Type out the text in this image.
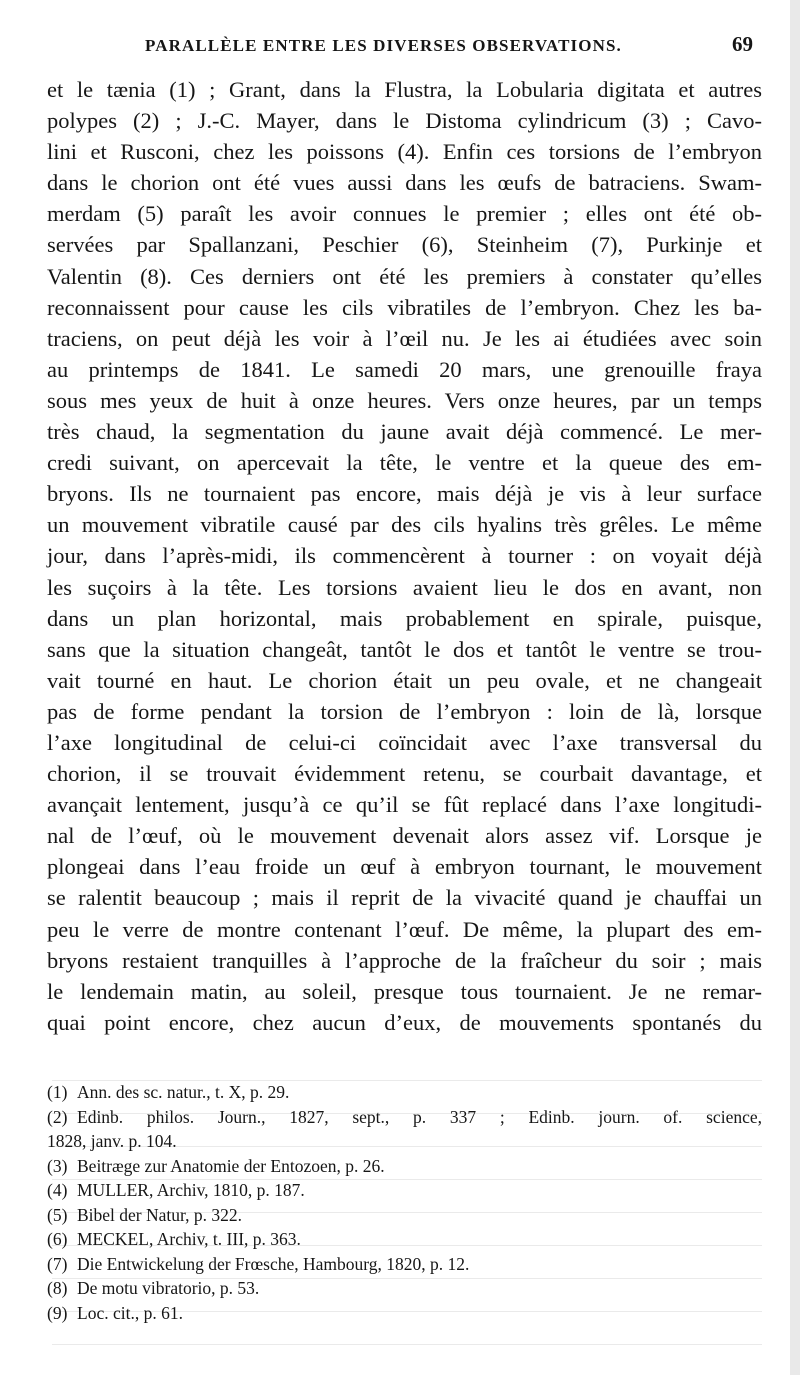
PARALLÈLE ENTRE LES DIVERSES OBSERVATIONS.	69
et le tænia (1) ; Grant, dans la Flustra, la Lobularia digitata et autres
polypes (2) ; J.-C. Mayer, dans le Distoma cylindricum (3) ; Cavo-
lini et Rusconi, chez les poissons (4). Enfin ces torsions de l’embryon
dans le chorion ont été vues aussi dans les œufs de batraciens. Swam-
merdam (5) paraît les avoir connues le premier ; elles ont été ob-
servées par Spallanzani, Peschier (6), Steinheim (7), Purkinje et
Valentin (8). Ces derniers ont été les premiers à constater qu’elles
reconnaissent pour cause les cils vibratiles de l’embryon. Chez les ba-
traciens, on peut déjà les voir à l’œil nu. Je les ai étudiées avec soin
au printemps de 1841. Le samedi 20 mars, une grenouille fraya
sous mes yeux de huit à onze heures. Vers onze heures, par un temps
très chaud, la segmentation du jaune avait déjà commencé. Le mer-
credi suivant, on apercevait la tête, le ventre et la queue des em-
bryons. Ils ne tournaient pas encore, mais déjà je vis à leur surface
un mouvement vibratile causé par des cils hyalins très grêles. Le même
jour, dans l’après-midi, ils commencèrent à tourner : on voyait déjà
les suçoirs à la tête. Les torsions avaient lieu le dos en avant, non
dans un plan horizontal, mais probablement en spirale, puisque,
sans que la situation changeât, tantôt le dos et tantôt le ventre se trou-
vait tourné en haut. Le chorion était un peu ovale, et ne changeait
pas de forme pendant la torsion de l’embryon : loin de là, lorsque
l’axe longitudinal de celui-ci coïncidait avec l’axe transversal du
chorion, il se trouvait évidemment retenu, se courbait davantage, et
avançait lentement, jusqu’à ce qu’il se fût replacé dans l’axe longitudi-
nal de l’œuf, où le mouvement devenait alors assez vif. Lorsque je
plongeai dans l’eau froide un œuf à embryon tournant, le mouvement
se ralentit beaucoup ; mais il reprit de la vivacité quand je chauffai un
peu le verre de montre contenant l’œuf. De même, la plupart des em-
bryons restaient tranquilles à l’approche de la fraîcheur du soir ; mais
le lendemain matin, au soleil, presque tous tournaient. Je ne remar-
quai point encore, chez aucun d’eux, de mouvements spontanés du
(1) Ann. des sc. natur., t. X, p. 29.
(2) Edinb. philos. Journ., 1827, sept., p. 337 ; Edinb. journ. of. science,
1828, janv. p. 104.
(3) Beitræge zur Anatomie der Entozoen, p. 26.
(4) MULLER, Archiv, 1810, p. 187.
(5) Bibel der Natur, p. 322.
(6) MECKEL, Archiv, t. III, p. 363.
(7) Die Entwickelung der Frœsche, Hambourg, 1820, p. 12.
(8) De motu vibratorio, p. 53.
(9) Loc. cit., p. 61.
